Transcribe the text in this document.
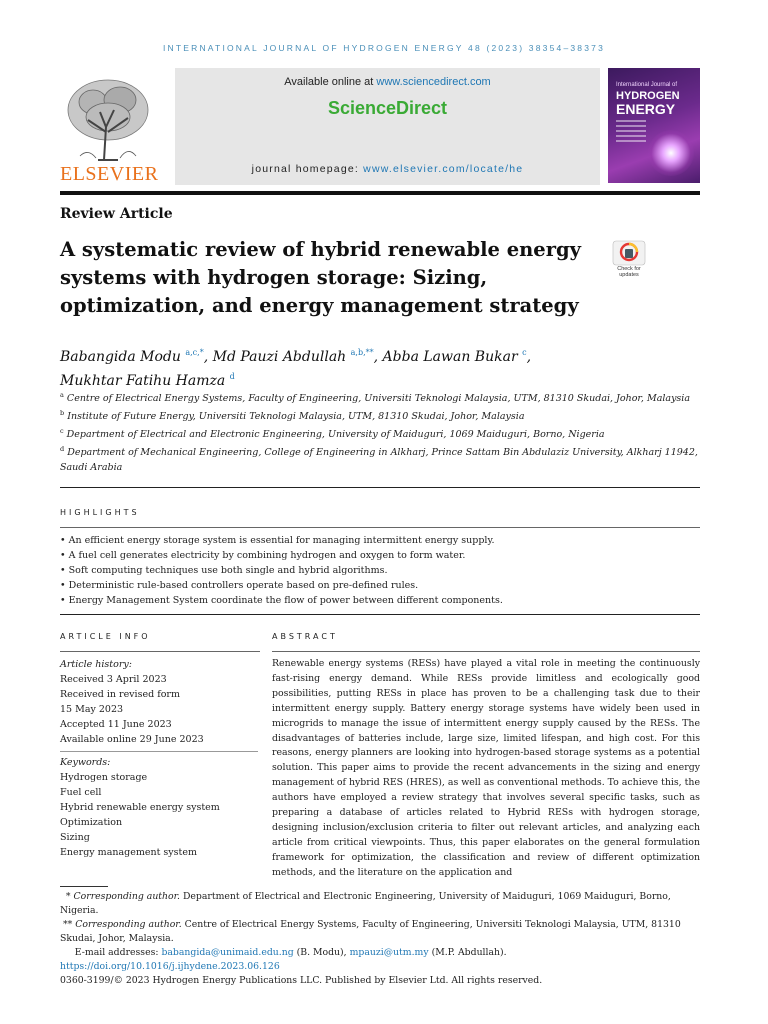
INTERNATIONAL JOURNAL OF HYDROGEN ENERGY 48 (2023) 38354–38373
ELSEVIER
Available online at www.sciencedirect.com
ScienceDirect
journal homepage: www.elsevier.com/locate/he
International Journal of
HYDROGEN
ENERGY
Review Article
A systematic review of hybrid renewable energy systems with hydrogen storage: Sizing, optimization, and energy management strategy
Check for updates
Babangida Modu $^{a,c,*}$, Md Pauzi Abdullah $^{a,b,**}$, Abba Lawan Bukar $^c$,
Mukhtar Fatihu Hamza $^d$
$^a$ Centre of Electrical Energy Systems, Faculty of Engineering, Universiti Teknologi Malaysia, UTM, 81310 Skudai, Johor, Malaysia
$^b$ Institute of Future Energy, Universiti Teknologi Malaysia, UTM, 81310 Skudai, Johor, Malaysia
$^c$ Department of Electrical and Electronic Engineering, University of Maiduguri, 1069 Maiduguri, Borno, Nigeria
$^d$ Department of Mechanical Engineering, College of Engineering in Alkharj, Prince Sattam Bin Abdulaziz University, Alkharj 11942, Saudi Arabia
HIGHLIGHTS
• An efficient energy storage system is essential for managing intermittent energy supply.
• A fuel cell generates electricity by combining hydrogen and oxygen to form water.
• Soft computing techniques use both single and hybrid algorithms.
• Deterministic rule-based controllers operate based on pre-defined rules.
• Energy Management System coordinate the flow of power between different components.
ARTICLE INFO	ABSTRACT
Article history:
Received 3 April 2023
Received in revised form
15 May 2023
Accepted 11 June 2023
Available online 29 June 2023
Keywords:
Hydrogen storage
Fuel cell
Hybrid renewable energy system
Optimization
Sizing
Energy management system
Renewable energy systems (RESs) have played a vital role in meeting the continuously fast-rising energy demand. While RESs provide limitless and ecologically good possibilities, putting RESs in place has proven to be a challenging task due to their intermittent energy supply. Battery energy storage systems have widely been used in microgrids to manage the issue of intermittent energy supply caused by the RESs. The disadvantages of batteries include, large size, limited lifespan, and high cost. For this reasons, energy planners are looking into hydrogen-based storage systems as a potential solution. This paper aims to provide the recent advancements in the sizing and energy management of hybrid RES (HRES), as well as conventional methods. To achieve this, the authors have employed a review strategy that involves several specific tasks, such as preparing a database of articles related to Hybrid RESs with hydrogen storage, designing inclusion/exclusion criteria to filter out relevant articles, and analyzing each article from critical viewpoints. Thus, this paper elaborates on the general formulation framework for optimization, the classification and review of different optimization methods, and the literature on the application and
* Corresponding author. Department of Electrical and Electronic Engineering, University of Maiduguri, 1069 Maiduguri, Borno, Nigeria.
** Corresponding author. Centre of Electrical Energy Systems, Faculty of Engineering, Universiti Teknologi Malaysia, UTM, 81310 Skudai, Johor, Malaysia.
E-mail addresses: babangida@unimaid.edu.ng (B. Modu), mpauzi@utm.my (M.P. Abdullah).
https://doi.org/10.1016/j.ijhydene.2023.06.126
0360-3199/© 2023 Hydrogen Energy Publications LLC. Published by Elsevier Ltd. All rights reserved.
